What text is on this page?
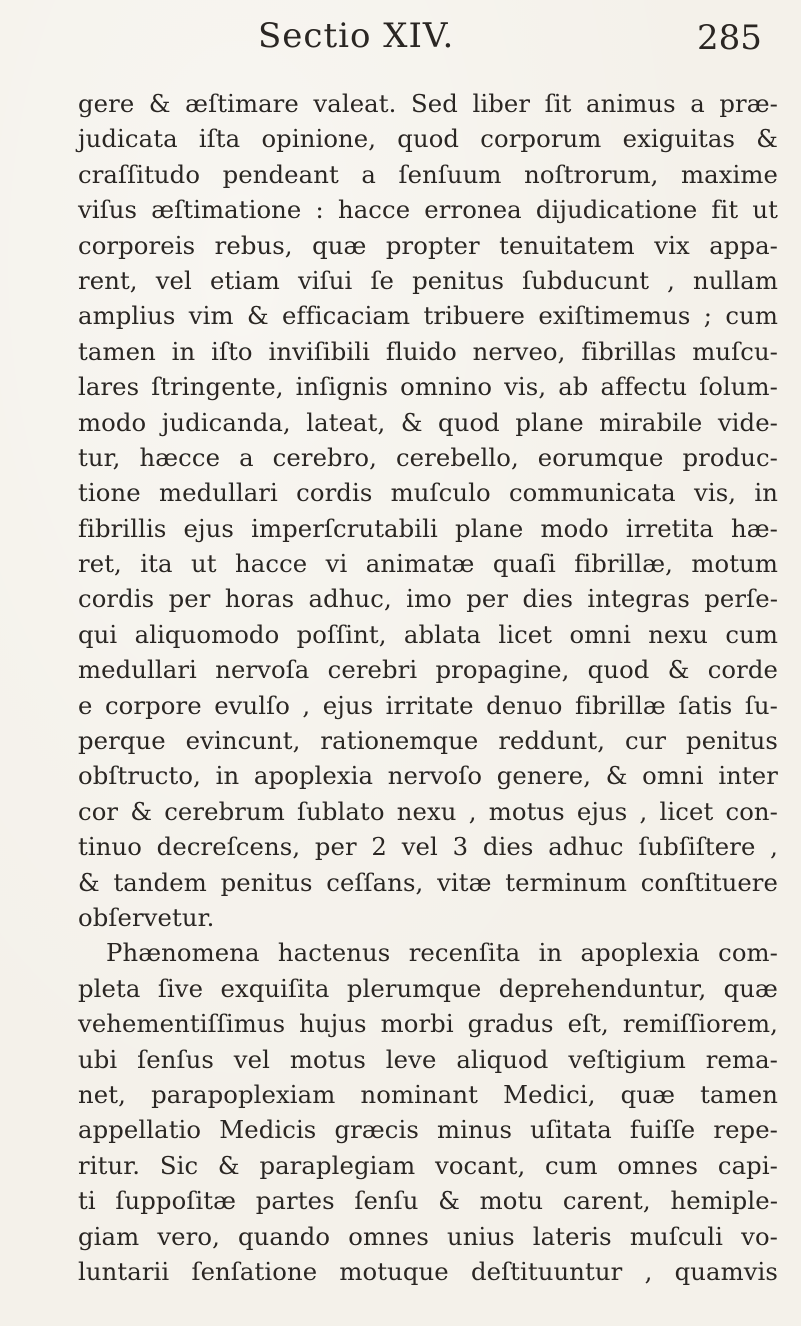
Sectio XIV.	285
gere & æſtimare valeat. Sed liber ſit animus a præ-
judicata iſta opinione, quod corporum exiguitas &
craſſitudo pendeant a ſenſuum noſtrorum, maxime
viſus æſtimatione : hacce erronea dijudicatione fit ut
corporeis rebus, quæ propter tenuitatem vix appa-
rent, vel etiam viſui ſe penitus ſubducunt , nullam
amplius vim & efficaciam tribuere exiſtimemus ; cum
tamen in iſto inviſibili fluido nerveo, fibrillas muſcu-
lares ſtringente, inſignis omnino vis, ab affectu ſolum-
modo judicanda, lateat, & quod plane mirabile vide-
tur, hæcce a cerebro, cerebello, eorumque produc-
tione medullari cordis muſculo communicata vis, in
fibrillis ejus imperſcrutabili plane modo irretita hæ-
ret, ita ut hacce vi animatæ quaſi fibrillæ, motum
cordis per horas adhuc, imo per dies integras perſe-
qui aliquomodo poſſint, ablata licet omni nexu cum
medullari nervoſa cerebri propagine, quod & corde
e corpore evulſo , ejus irritate denuo fibrillæ ſatis ſu-
perque evincunt, rationemque reddunt, cur penitus
obſtructo, in apoplexia nervoſo genere, & omni inter
cor & cerebrum ſublato nexu , motus ejus , licet con-
tinuo decreſcens, per 2 vel 3 dies adhuc ſubſiſtere ,
& tandem penitus ceſſans, vitæ terminum conſtituere
obſervetur.
Phænomena hactenus recenſita in apoplexia com-
pleta ſive exquiſita plerumque deprehenduntur, quæ
vehementiſſimus hujus morbi gradus eſt, remiſſiorem,
ubi ſenſus vel motus leve aliquod veſtigium rema-
net, parapoplexiam nominant Medici, quæ tamen
appellatio Medicis græcis minus uſitata fuiſſe repe-
ritur. Sic & paraplegiam vocant, cum omnes capi-
ti ſuppoſitæ partes ſenſu & motu carent, hemiple-
giam vero, quando omnes unius lateris muſculi vo-
luntarii ſenſatione motuque deſtituuntur , quamvis
